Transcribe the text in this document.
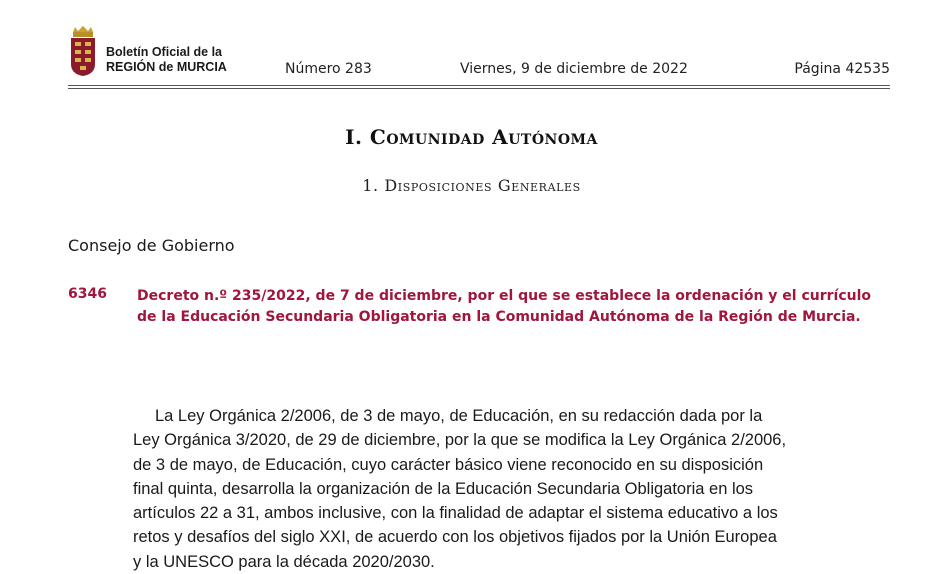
Boletín Oficial de la
REGIÓN de MURCIA	Número 283	Viernes, 9 de diciembre de 2022	Página 42535
I. Comunidad Autónoma
1. Disposiciones Generales
Consejo de Gobierno
6346 Decreto n.º 235/2022, de 7 de diciembre, por el que se establece la ordenación y el currículo
de la Educación Secundaria Obligatoria en la Comunidad Autónoma de la Región de Murcia.
La Ley Orgánica 2/2006, de 3 de mayo, de Educación, en su redacción dada por la
Ley Orgánica 3/2020, de 29 de diciembre, por la que se modifica la Ley Orgánica 2/2006,
de 3 de mayo, de Educación, cuyo carácter básico viene reconocido en su disposición
final quinta, desarrolla la organización de la Educación Secundaria Obligatoria en los
artículos 22 a 31, ambos inclusive, con la finalidad de adaptar el sistema educativo a los
retos y desafíos del siglo XXI, de acuerdo con los objetivos fijados por la Unión Europea
y la UNESCO para la década 2020/2030.
